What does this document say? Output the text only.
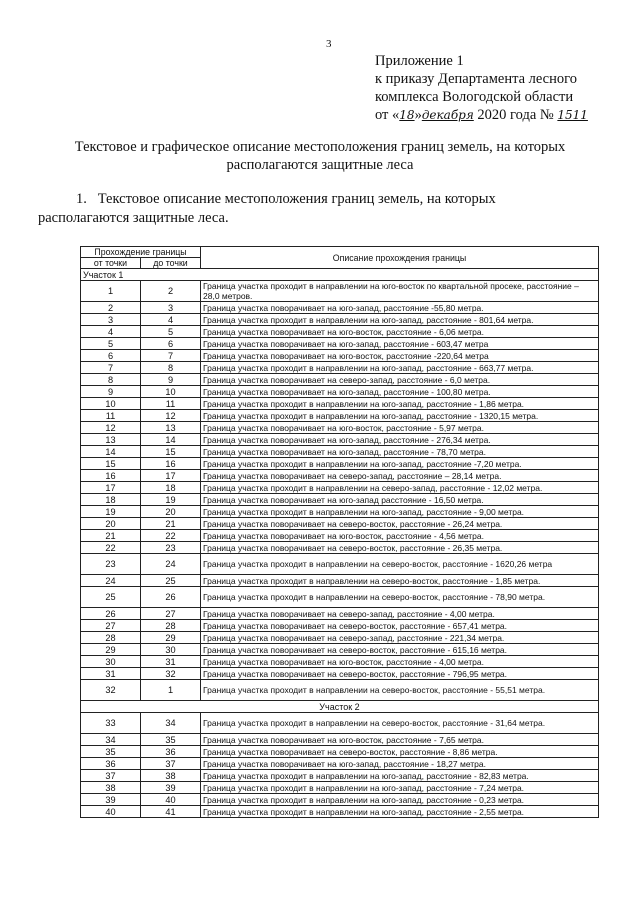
3
Приложение 1
к приказу Департамента лесного
комплекса Вологодской области
от «18»декабря 2020 года № 1511
Текстовое и графическое описание местоположения границ земель, на которых располагаются защитные леса
1. Текстовое описание местоположения границ земель, на которых
располагаются защитные леса.
Прохождение границы		Описание прохождения границы
от точки	до точки	
Участок 1		
1	2	Граница участка проходит в направлении на юго-восток по квартальной просеке, расстояние – 28,0 метров.
2	3	Граница участка поворачивает на юго-запад, расстояние -55,80 метра.
3	4	Граница участка проходит в направлении на юго-запад, расстояние - 801,64 метра.
4	5	Граница участка поворачивает на юго-восток, расстояние - 6,06 метра.
5	6	Граница участка поворачивает на юго-запад, расстояние - 603,47 метра
6	7	Граница участка поворачивает на юго-восток, расстояние -220,64 метра
7	8	Граница участка проходит в направлении на юго-запад, расстояние - 663,77 метра.
8	9	Граница участка поворачивает на северо-запад, расстояние - 6,0 метра.
9	10	Граница участка поворачивает на юго-запад, расстояние - 100,80 метра.
10	11	Граница участка проходит в направлении на юго-запад, расстояние - 1,86 метра.
11	12	Граница участка проходит в направлении на юго-запад, расстояние - 1320,15 метра.
12	13	Граница участка поворачивает на юго-восток, расстояние - 5,97 метра.
13	14	Граница участка поворачивает на юго-запад, расстояние - 276,34 метра.
14	15	Граница участка поворачивает на юго-запад, расстояние - 78,70 метра.
15	16	Граница участка проходит в направлении на юго-запад, расстояние -7,20 метра.
16	17	Граница участка поворачивает на северо-запад, расстояние – 28,14 метра.
17	18	Граница участка проходит в направлении на северо-запад, расстояние - 12,02 метра.
18	19	Граница участка поворачивает на юго-запад расстояние - 16,50 метра.
19	20	Граница участка проходит в направлении на юго-запад, расстояние - 9,00 метра.
20	21	Граница участка поворачивает на северо-восток, расстояние - 26,24 метра.
21	22	Граница участка поворачивает на юго-восток, расстояние - 4,56 метра.
22	23	Граница участка поворачивает на северо-восток, расстояние - 26,35 метра.
23	24	Граница участка проходит в направлении на северо-восток, расстояние - 1620,26 метра
24	25	Граница участка проходит в направлении на северо-восток, расстояние - 1,85 метра.
25	26	Граница участка проходит в направлении на северо-восток, расстояние - 78,90 метра.
26	27	Граница участка поворачивает на северо-запад, расстояние - 4,00 метра.
27	28	Граница участка поворачивает на северо-восток, расстояние - 657,41 метра.
28	29	Граница участка поворачивает на северо-запад, расстояние - 221,34 метра.
29	30	Граница участка поворачивает на северо-восток, расстояние - 615,16 метра.
30	31	Граница участка поворачивает на юго-восток, расстояние - 4,00 метра.
31	32	Граница участка поворачивает на северо-восток, расстояние - 796,95 метра.
32	1	Граница участка проходит в направлении на северо-восток, расстояние - 55,51 метра.
Участок 2		
33	34	Граница участка проходит в направлении на северо-восток, расстояние - 31,64 метра.
34	35	Граница участка поворачивает на юго-восток, расстояние - 7,65 метра.
35	36	Граница участка поворачивает на северо-восток, расстояние - 8,86 метра.
36	37	Граница участка поворачивает на юго-запад, расстояние - 18,27 метра.
37	38	Граница участка проходит в направлении на юго-запад, расстояние - 82,83 метра.
38	39	Граница участка проходит в направлении на юго-запад, расстояние - 7,24 метра.
39	40	Граница участка проходит в направлении на юго-запад, расстояние - 0,23 метра.
40	41	Граница участка проходит в направлении на юго-запад, расстояние - 2,55 метра.
